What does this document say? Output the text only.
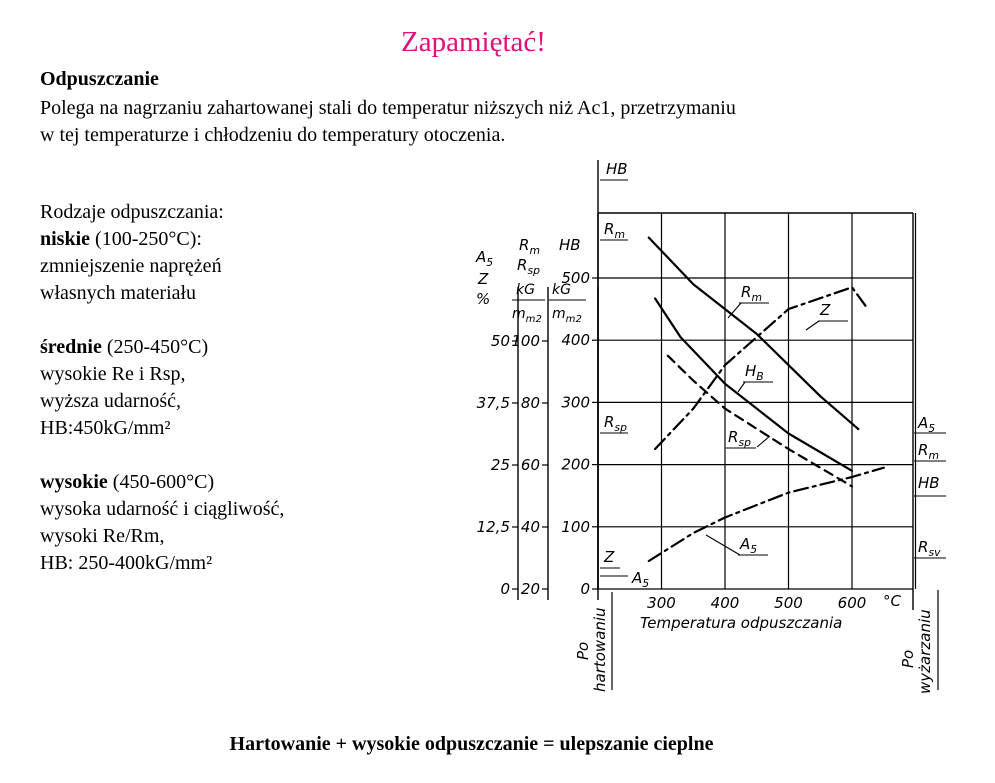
Zapamiętać!
Odpuszczanie
Polega na nagrzaniu zahartowanej stali do temperatur niższych niż Ac1, przetrzymaniu
w tej temperaturze i chłodzeniu do temperatury otoczenia.
Rodzaje odpuszczania:
niskie (100-250°C):
zmniejszenie naprężeń
własnych materiału
średnie (250-450°C)
wysokie Re i Rsp,
wyższa udarność,
HB:450kG/mm²
wysokie (450-600°C)
wysoka udarność i ciągliwość,
wysoki Re/Rm,
HB: 250-400kG/mm²
0
12,5
25
37,5
50
20
40
60
80
100
0
100
200
300
400
500
$A_5$
Z
%
$R_m$
$R_{sp}$
kG
$m_{m2}$
HB
kG
$m_{m2}$
HB
$R_m$
$R_{sp}$
Z
$A_5$
Po hartowaniu
$A_5$
$R_m$
HB
$R_{sv}$
Po wyżarzaniu
300 400 500 600 °C
Temperatura odpuszczania
$R_m$
Z
$H_B$
$R_{sp}$
$A_5$
Hartowanie + wysokie odpuszczanie = ulepszanie cieplne
